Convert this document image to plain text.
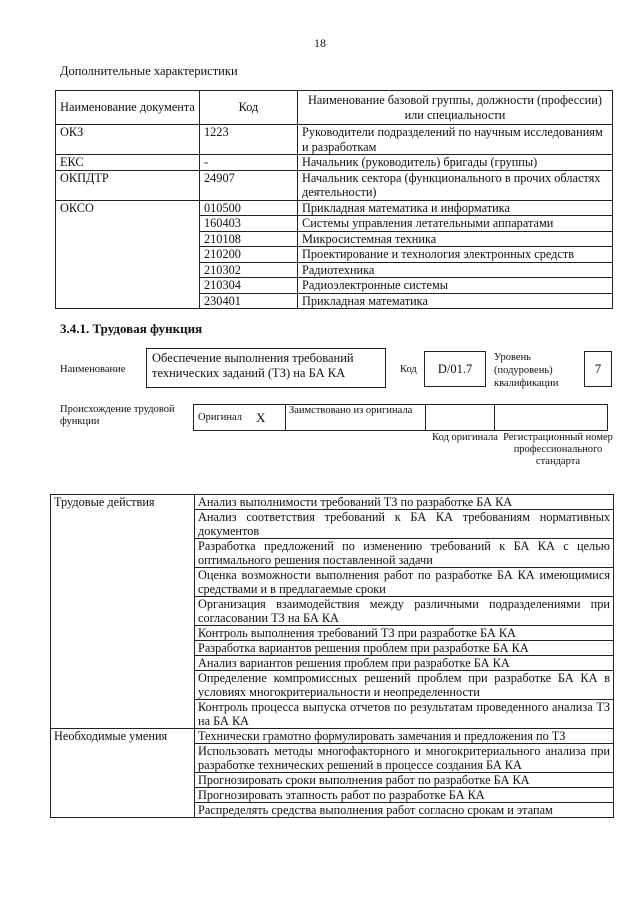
18
Дополнительные характеристики
Наименование документа	Код	Наименование базовой группы, должности (профессии) или специальности
ОКЗ	1223	Руководители подразделений по научным исследованиям и разработкам
ЕКС	-	Начальник (руководитель) бригады (группы)
ОКПДТР	24907	Начальник сектора (функционального в прочих областях деятельности)
ОКСО	010500	Прикладная математика и информатика
	160403	Системы управления летательными аппаратами
	210108	Микросистемная техника
	210200	Проектирование и технология электронных средств
	210302	Радиотехника
	210304	Радиоэлектронные системы
	230401	Прикладная математика
3.4.1. Трудовая функция
Наименование
Обеспечение выполнения требований технических заданий (ТЗ) на БА КА	Код	D/01.7
Уровень (подуровень) квалификации
7
Происхождение трудовой функции	Оригинал X	Заимствовано из оригинала
Код оригинала Регистрационный номер профессионального стандарта
Трудовые действия	Анализ выполнимости требований ТЗ по разработке БА КА
	Анализ соответствия требований к БА КА требованиям нормативных документов
	Разработка предложений по изменению требований к БА КА с целью оптимального решения поставленной задачи
	Оценка возможности выполнения работ по разработке БА КА имеющимися средствами и в предлагаемые сроки
	Организация взаимодействия между различными подразделениями при согласовании ТЗ на БА КА
	Контроль выполнения требований ТЗ при разработке БА КА
	Разработка вариантов решения проблем при разработке БА КА
	Анализ вариантов решения проблем при разработке БА КА
	Определение компромиссных решений проблем при разработке БА КА в условиях многокритериальности и неопределенности
	Контроль процесса выпуска отчетов по результатам проведенного анализа ТЗ на БА КА
Необходимые умения	Технически грамотно формулировать замечания и предложения по ТЗ
	Использовать методы многофакторного и многокритериального анализа при разработке технических решений в процессе создания БА КА
	Прогнозировать сроки выполнения работ по разработке БА КА
	Прогнозировать этапность работ по разработке БА КА
	Распределять средства выполнения работ согласно срокам и этапам
